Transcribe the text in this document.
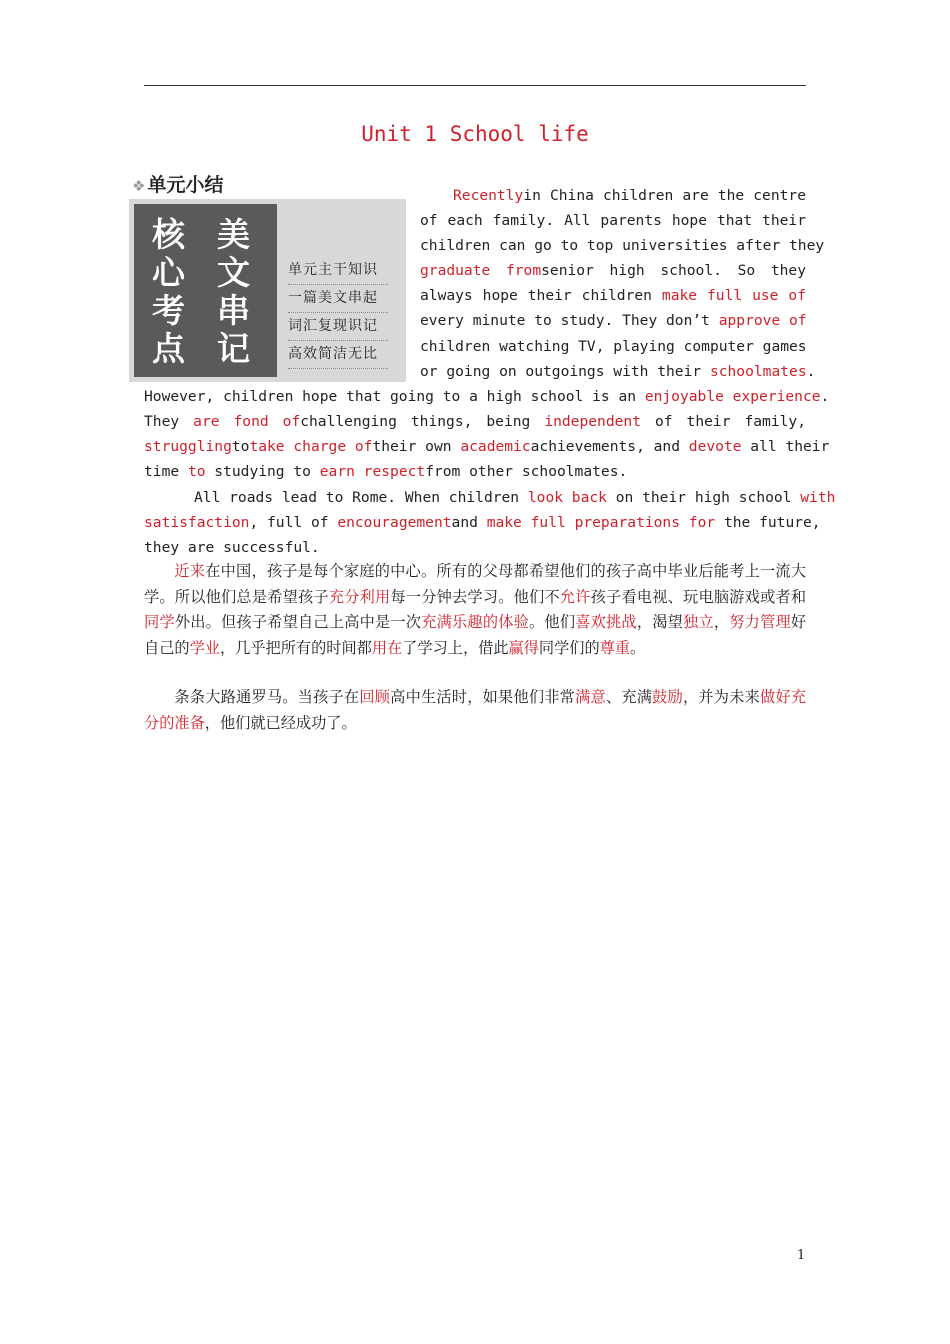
Unit 1 School life
❖ 单元小结
核 美
心 文
考 串
点 记
单元主干知识
一篇美文串起
词汇复现识记
高效简洁无比
Recentlyin China children are the centre
of each family. All parents hope that their
children can go to top universities after they
graduate fromsenior high school. So they
always hope their children make full use of
every minute to study. They don’t approve of
children watching TV, playing computer games
or going on outgoings with their schoolmates.
However, children hope that going to a high school is an enjoyable experience.
They are fond ofchallenging things, being independent of their family,
strugglingtotake charge oftheir own academicachievements, and devote all their
time to studying to earn respectfrom other schoolmates.
All roads lead to Rome. When children look back on their high school with
satisfaction, full of encouragementand make full preparations for the future,
they are successful.
近来在中国，孩子是每个家庭的中心。所有的父母都希望他们的孩子高中毕业后能考上一流大学。所以他们总是希望孩子充分利用每一分钟去学习。他们不允许孩子看电视、玩电脑游戏或者和同学外出。但孩子希望自己上高中是一次充满乐趣的体验。他们喜欢挑战，渴望独立，努力管理好自己的学业，几乎把所有的时间都用在了学习上，借此赢得同学们的尊重。
条条大路通罗马。当孩子在回顾高中生活时，如果他们非常满意、充满鼓励，并为未来做好充分的准备，他们就已经成功了。
1
